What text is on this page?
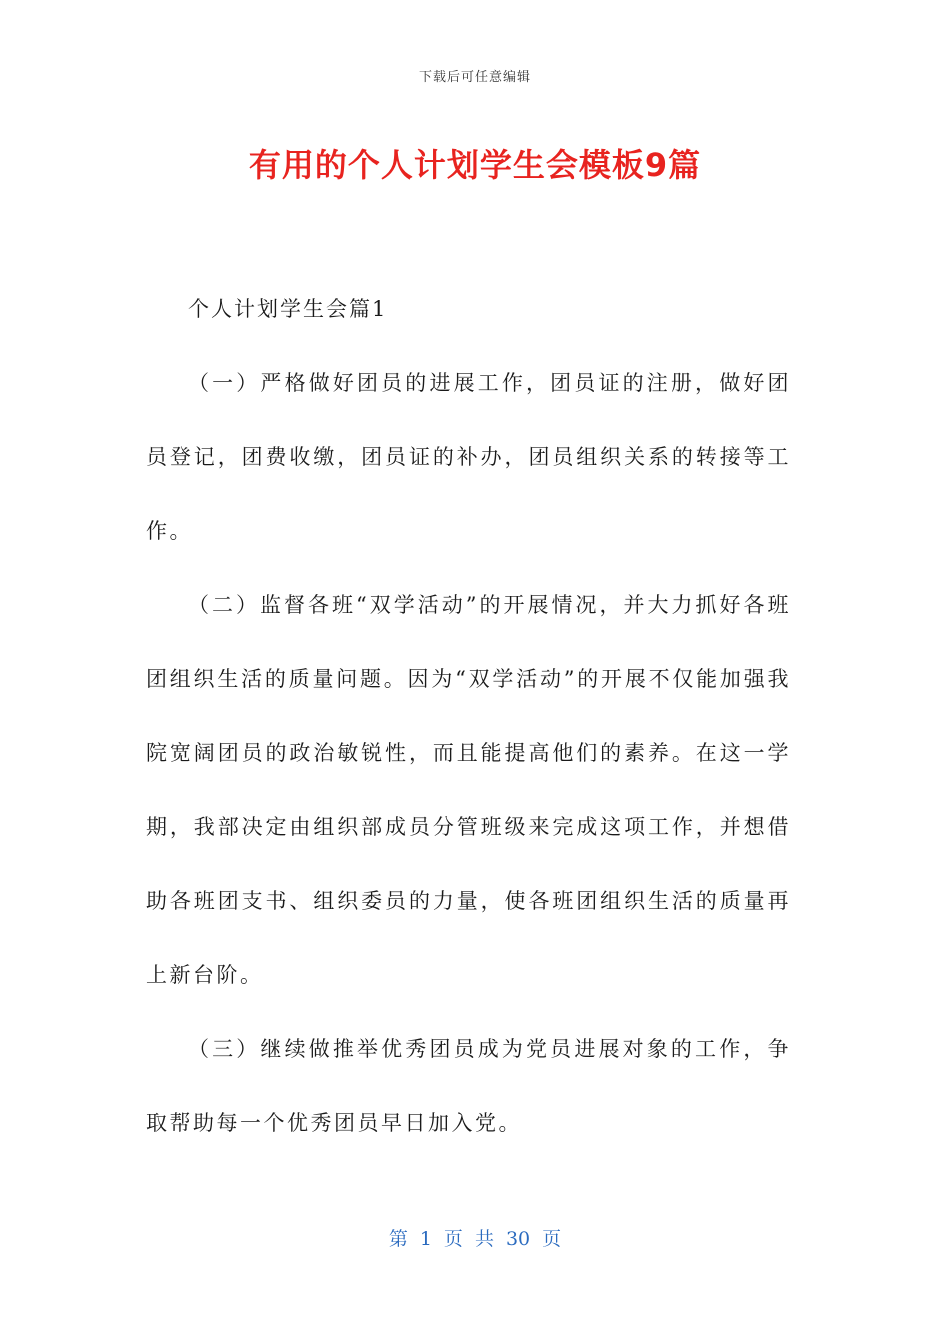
下载后可任意编辑
有用的个人计划学生会模板9篇

个人计划学生会篇1

（一）严格做好团员的进展工作，团员证的注册，做好团员登记，团费收缴，团员证的补办，团员组织关系的转接等工作。

（二）监督各班“双学活动”的开展情况，并大力抓好各班团组织生活的质量问题。因为“双学活动”的开展不仅能加强我院宽阔团员的政治敏锐性，而且能提高他们的素养。在这一学期，我部决定由组织部成员分管班级来完成这项工作，并想借助各班团支书、组织委员的力量，使各班团组织生活的质量再上新台阶。

（三）继续做推举优秀团员成为党员进展对象的工作，争取帮助每一个优秀团员早日加入党。

第 1 页 共 30 页
